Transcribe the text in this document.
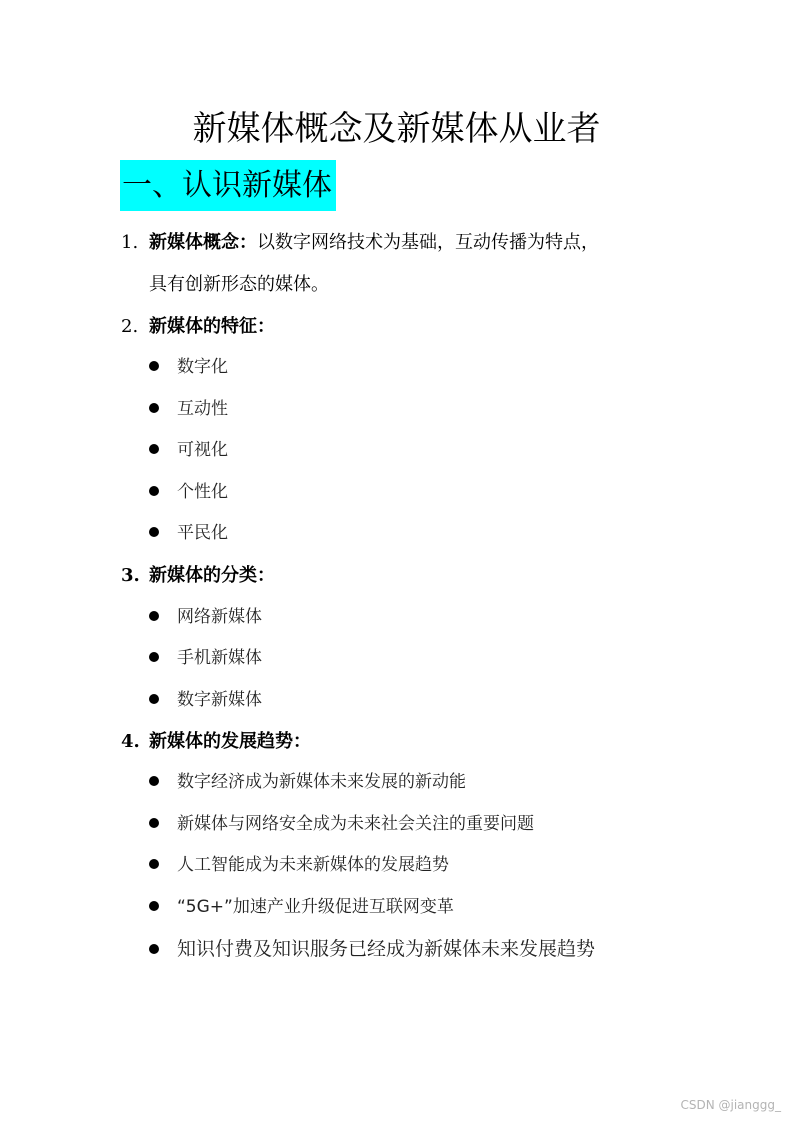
新媒体概念及新媒体从业者
一、认识新媒体
1. 新媒体概念：以数字网络技术为基础，互动传播为特点，
具有创新形态的媒体。
2. 新媒体的特征：
数字化
互动性
可视化
个性化
平民化
3. 新媒体的分类：
网络新媒体
手机新媒体
数字新媒体
4. 新媒体的发展趋势：
数字经济成为新媒体未来发展的新动能
新媒体与网络安全成为未来社会关注的重要问题
人工智能成为未来新媒体的发展趋势
“5G+”加速产业升级促进互联网变革
知识付费及知识服务已经成为新媒体未来发展趋势
CSDN @jianggg_
